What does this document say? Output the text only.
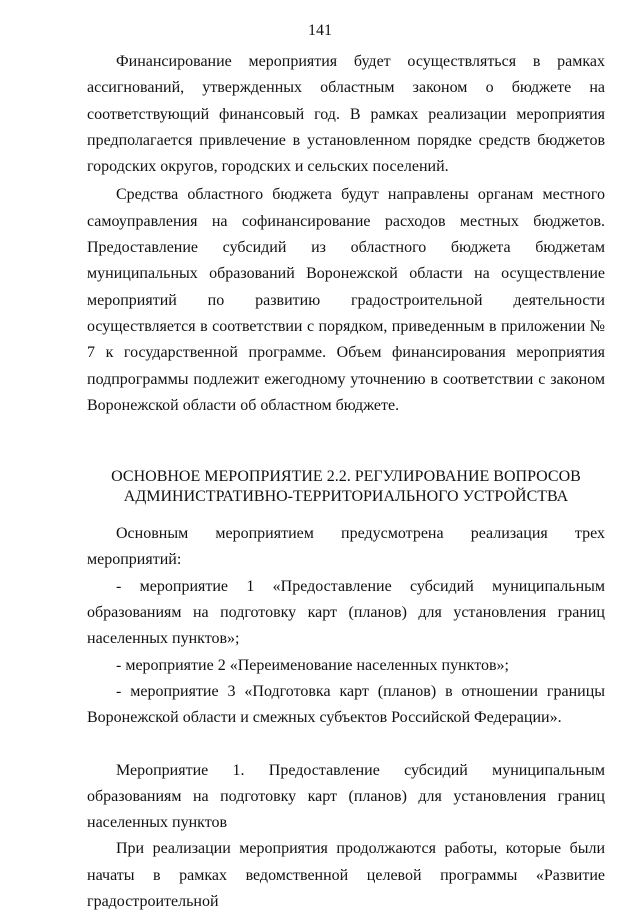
141

Финансирование мероприятия будет осуществляться в рамках ассигнований, утвержденных областным законом о бюджете на соответствующий финансовый год. В рамках реализации мероприятия предполагается привлечение в установленном порядке средств бюджетов городских округов, городских и сельских поселений.

Средства областного бюджета будут направлены органам местного самоуправления на софинансирование расходов местных бюджетов. Предоставление субсидий из областного бюджета бюджетам муниципальных образований Воронежской области на осуществление мероприятий по развитию градостроительной деятельности осуществляется в соответствии с порядком, приведенным в приложении № 7 к государственной программе. Объем финансирования мероприятия подпрограммы подлежит ежегодному уточнению в соответствии с законом Воронежской области об областном бюджете.

ОСНОВНОЕ МЕРОПРИЯТИЕ 2.2. РЕГУЛИРОВАНИЕ ВОПРОСОВ
АДМИНИСТРАТИВНО-ТЕРРИТОРИАЛЬНОГО УСТРОЙСТВА

Основным мероприятием предусмотрена реализация трех мероприятий:

- мероприятие 1 «Предоставление субсидий муниципальным образованиям на подготовку карт (планов) для установления границ населенных пунктов»;

- мероприятие 2 «Переименование населенных пунктов»;

- мероприятие 3 «Подготовка карт (планов) в отношении границы Воронежской области и смежных субъектов Российской Федерации».

Мероприятие 1. Предоставление субсидий муниципальным образованиям на подготовку карт (планов) для установления границ населенных пунктов

При реализации мероприятия продолжаются работы, которые были начаты в рамках ведомственной целевой программы «Развитие градостроительной
